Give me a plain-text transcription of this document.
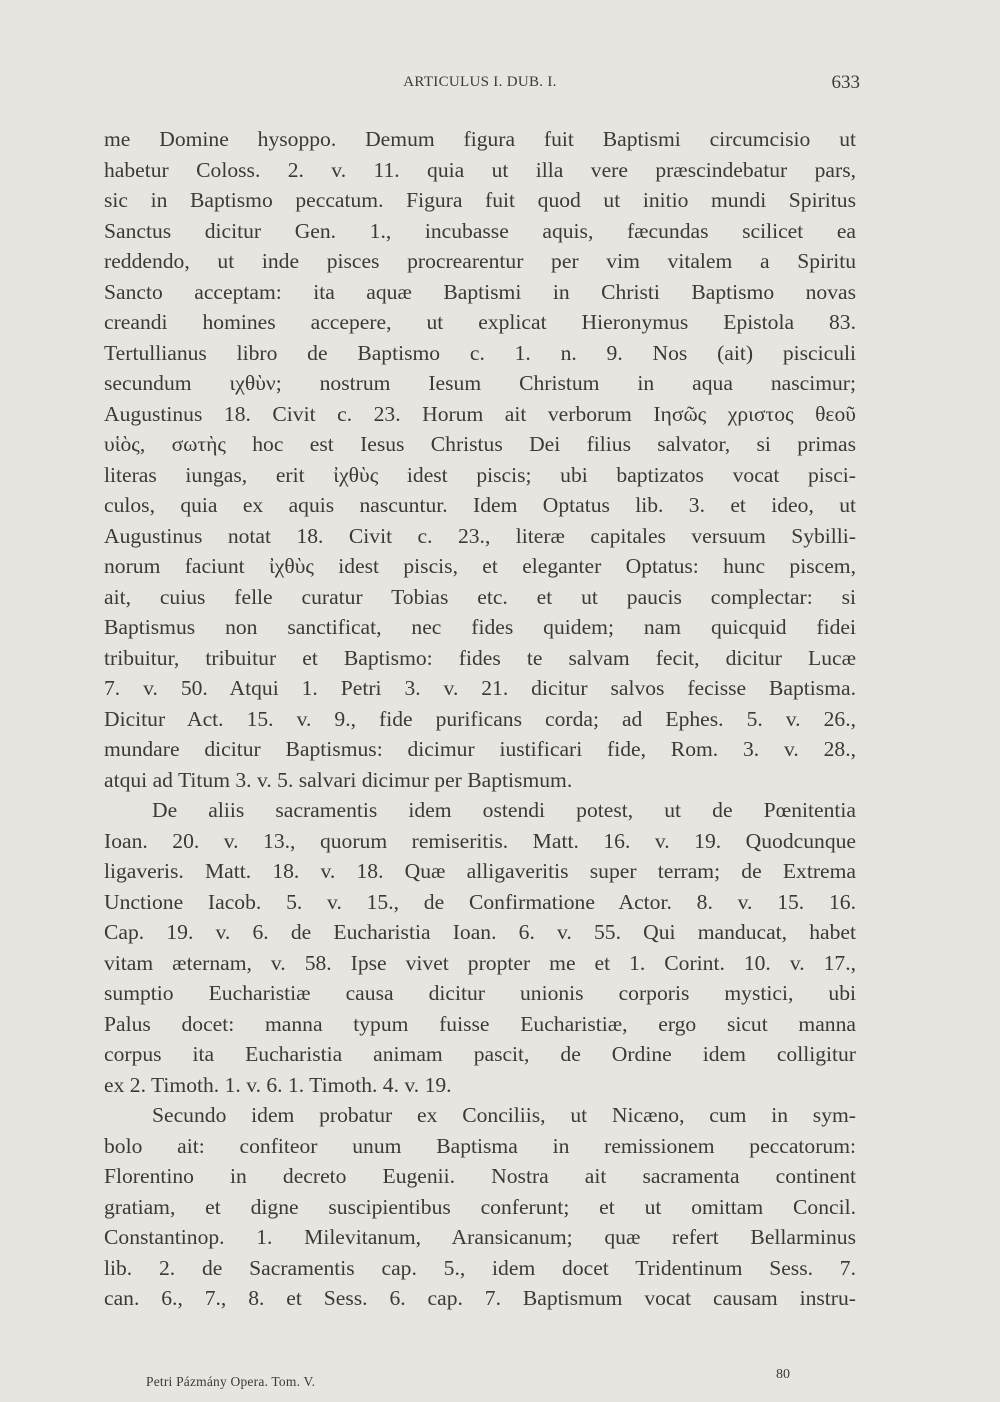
ARTICULUS I. DUB. I.	633
me Domine hysoppo. Demum figura fuit Baptismi circumcisio ut
habetur Coloss. 2. v. 11. quia ut illa vere præscindebatur pars,
sic in Baptismo peccatum. Figura fuit quod ut initio mundi Spiritus
Sanctus dicitur Gen. 1., incubasse aquis, fæcundas scilicet ea
reddendo, ut inde pisces procrearentur per vim vitalem a Spiritu
Sancto acceptam: ita aquæ Baptismi in Christi Baptismo novas
creandi homines accepere, ut explicat Hieronymus Epistola 83.
Tertullianus libro de Baptismo c. 1. n. 9. Nos (ait) pisciculi
secundum ιχθὺν; nostrum Iesum Christum in aqua nascimur;
Augustinus 18. Civit c. 23. Horum ait verborum Ιησῶς χριστος θεοῦ
υἱὸς, σωτὴς hoc est Iesus Christus Dei filius salvator, si primas
literas iungas, erit ἰχθὺς idest piscis; ubi baptizatos vocat pisci-
culos, quia ex aquis nascuntur. Idem Optatus lib. 3. et ideo, ut
Augustinus notat 18. Civit c. 23., literæ capitales versuum Sybilli-
norum faciunt ἰχθὺς idest piscis, et eleganter Optatus: hunc piscem,
ait, cuius felle curatur Tobias etc. et ut paucis complectar: si
Baptismus non sanctificat, nec fides quidem; nam quicquid fidei
tribuitur, tribuitur et Baptismo: fides te salvam fecit, dicitur Lucæ
7. v. 50. Atqui 1. Petri 3. v. 21. dicitur salvos fecisse Baptisma.
Dicitur Act. 15. v. 9., fide purificans corda; ad Ephes. 5. v. 26.,
mundare dicitur Baptismus: dicimur iustificari fide, Rom. 3. v. 28.,
atqui ad Titum 3. v. 5. salvari dicimur per Baptismum.
De aliis sacramentis idem ostendi potest, ut de Pœnitentia
Ioan. 20. v. 13., quorum remiseritis. Matt. 16. v. 19. Quodcunque
ligaveris. Matt. 18. v. 18. Quæ alligaveritis super terram; de Extrema
Unctione Iacob. 5. v. 15., de Confirmatione Actor. 8. v. 15. 16.
Cap. 19. v. 6. de Eucharistia Ioan. 6. v. 55. Qui manducat, habet
vitam æternam, v. 58. Ipse vivet propter me et 1. Corint. 10. v. 17.,
sumptio Eucharistiæ causa dicitur unionis corporis mystici, ubi
Palus docet: manna typum fuisse Eucharistiæ, ergo sicut manna
corpus ita Eucharistia animam pascit, de Ordine idem colligitur
ex 2. Timoth. 1. v. 6. 1. Timoth. 4. v. 19.
Secundo idem probatur ex Conciliis, ut Nicæno, cum in sym-
bolo ait: confiteor unum Baptisma in remissionem peccatorum:
Florentino in decreto Eugenii. Nostra ait sacramenta continent
gratiam, et digne suscipientibus conferunt; et ut omittam Concil.
Constantinop. 1. Milevitanum, Aransicanum; quæ refert Bellarminus
lib. 2. de Sacramentis cap. 5., idem docet Tridentinum Sess. 7.
can. 6., 7., 8. et Sess. 6. cap. 7. Baptismum vocat causam instru-
Petri Pázmány Opera. Tom. V.	80
